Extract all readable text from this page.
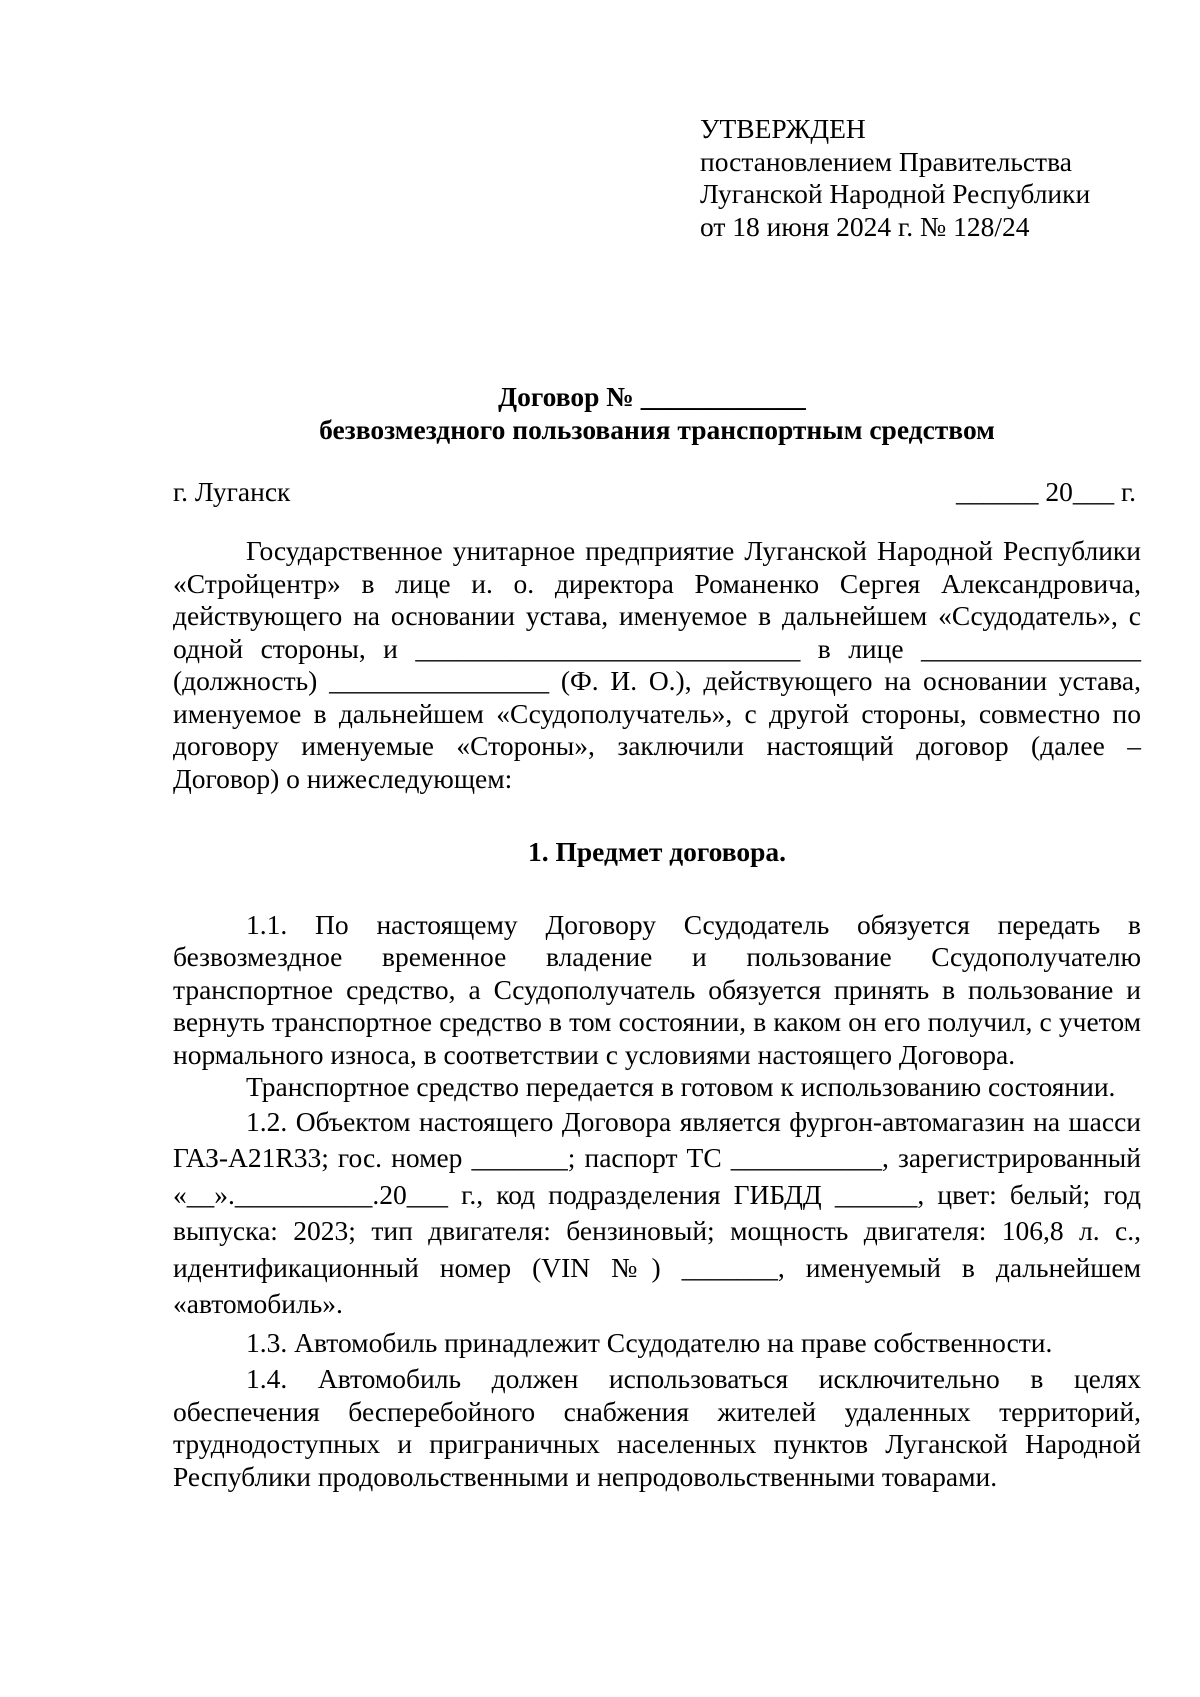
УТВЕРЖДЕН
постановлением Правительства
Луганской Народной Республики
от 18 июня 2024 г. № 128/24
Договор № ____________
безвозмездного пользования транспортным средством
г. Луганск	______ 20___ г.

Государственное унитарное предприятие Луганской Народной Республики «Стройцентр» в лице и. о. директора Романенко Сергея Александровича, действующего на основании устава, именуемое в дальнейшем «Ссудодатель», с одной стороны, и ____________________________ в лице ________________ (должность) ________________ (Ф. И. О.), действующего на основании устава, именуемое в дальнейшем «Ссудополучатель», с другой стороны, совместно по договору именуемые «Стороны», заключили настоящий договор (далее – Договор) о нижеследующем:

1. Предмет договора.

1.1. По настоящему Договору Ссудодатель обязуется передать в безвозмездное временное владение и пользование Ссудополучателю транспортное средство, а Ссудополучатель обязуется принять в пользование и вернуть транспортное средство в том состоянии, в каком он его получил, с учетом нормального износа, в соответствии с условиями настоящего Договора.

Транспортное средство передается в готовом к использованию состоянии.

1.2. Объектом настоящего Договора является фургон-автомагазин на шасси ГАЗ-А21R33; гос. номер _______; паспорт ТС ___________, зарегистрированный «__».__________.20___ г., код подразделения ГИБДД ______, цвет: белый; год выпуска: 2023; тип двигателя: бензиновый; мощность двигателя: 106,8 л. с., идентификационный номер (VIN №) _______, именуемый в дальнейшем «автомобиль».

1.3. Автомобиль принадлежит Ссудодателю на праве собственности.

1.4. Автомобиль должен использоваться исключительно в целях обеспечения бесперебойного снабжения жителей удаленных территорий, труднодоступных и приграничных населенных пунктов Луганской Народной Республики продовольственными и непродовольственными товарами.
